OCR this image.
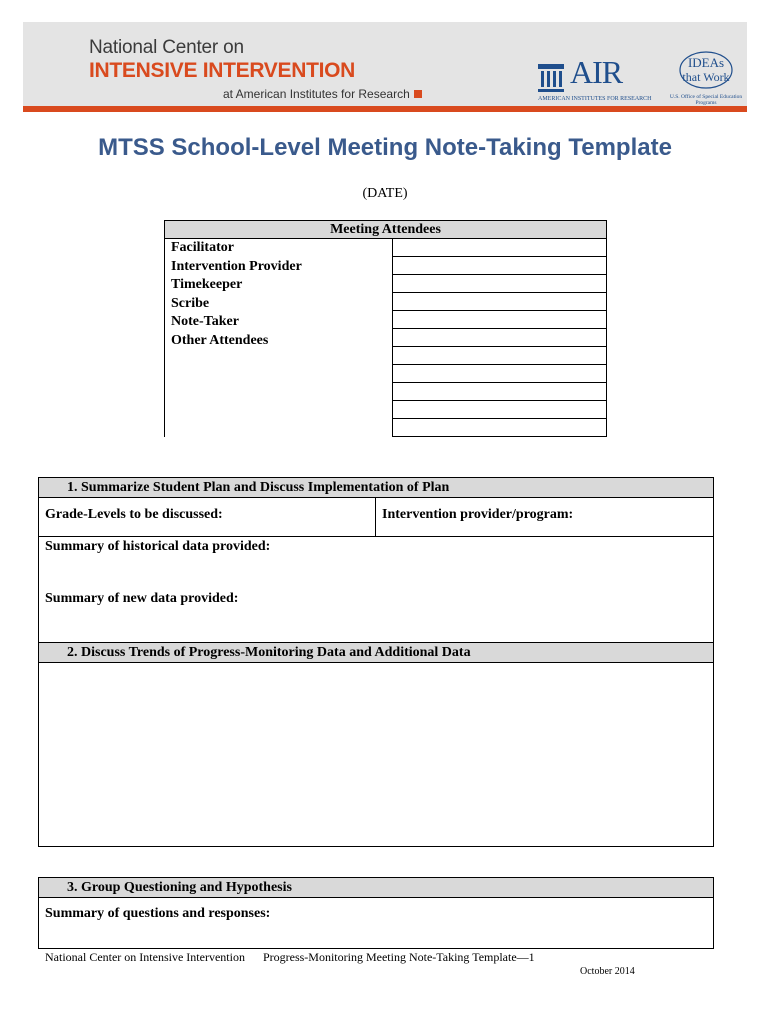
National Center on
INTENSIVE INTERVENTION
at American Institutes for Research
AIR
AMERICAN INSTITUTES FOR RESEARCH
IDEAs
that Work
U.S. Office of Special Education Programs
MTSS School-Level Meeting Note-Taking Template
(DATE)
Meeting Attendees

Facilitator
Intervention Provider
Timekeeper
Scribe
Note-Taker
Other Attendees

1. Summarize Student Plan and Discuss Implementation of Plan
Grade-Levels to be discussed:	Intervention provider/program:
Summary of historical data provided:
Summary of new data provided:
2. Discuss Trends of Progress-Monitoring Data and Additional Data
3. Group Questioning and Hypothesis
Summary of questions and responses:
National Center on Intensive Intervention Progress-Monitoring Meeting Note-Taking Template—1
October 2014
